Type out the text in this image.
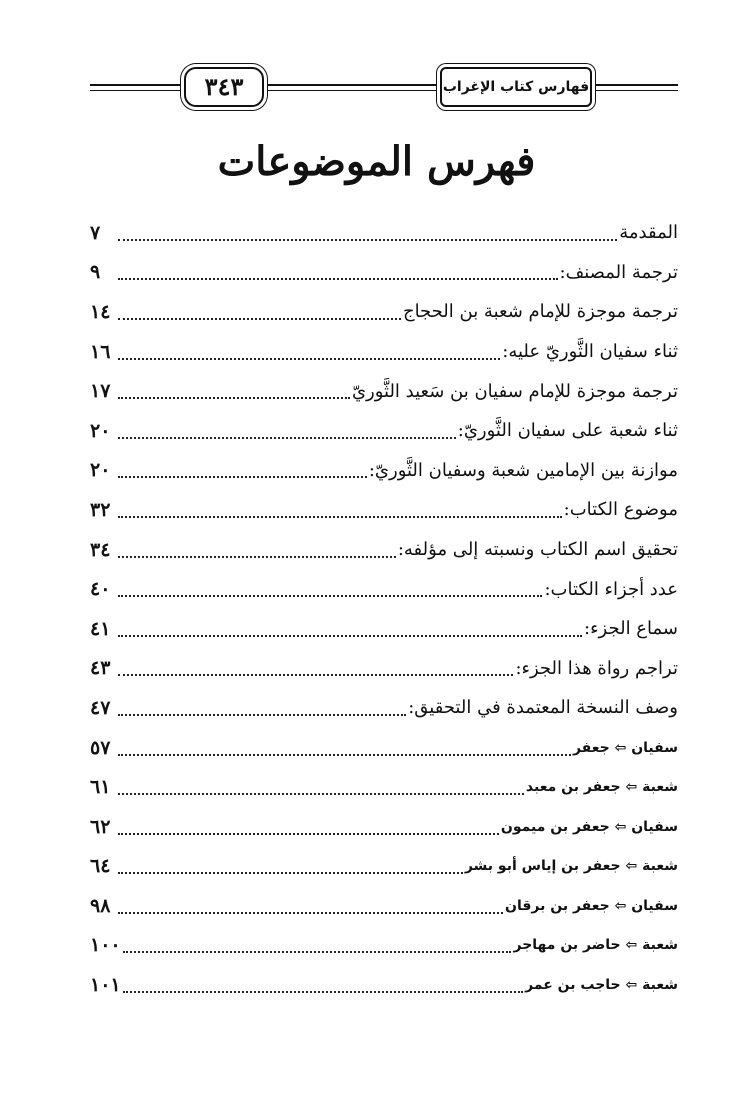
فهارس كتاب الإغراب
٣٤٣
فهرس الموضوعات
المقدمة
٧
ترجمة المصنف:
٩
ترجمة موجزة للإمام شعبة بن الحجاج
١٤
ثناء سفيان الثَّوريّ عليه:
١٦
ترجمة موجزة للإمام سفيان بن سَعيد الثَّوريّ
١٧
ثناء شعبة على سفيان الثَّوريّ:
٢٠
موازنة بين الإمامين شعبة وسفيان الثَّوريّ:
٢٠
موضوع الكتاب:
٣٢
تحقيق اسم الكتاب ونسبته إلى مؤلفه:
٣٤
عدد أجزاء الكتاب:
٤٠
سماع الجزء:
٤١
تراجم رواة هذا الجزء:
٤٣
وصف النسخة المعتمدة في التحقيق:
٤٧
سفيان ⇦ جعفر
٥٧
شعبة ⇦ جعفر بن معبد
٦١
سفيان ⇦ جعفر بن ميمون
٦٢
شعبة ⇦ جعفر بن إياس أبو بشر
٦٤
سفيان ⇦ جعفر بن برقان
٩٨
شعبة ⇦ حاضر بن مهاجر
١٠٠
شعبة ⇦ حاجب بن عمر
١٠١
